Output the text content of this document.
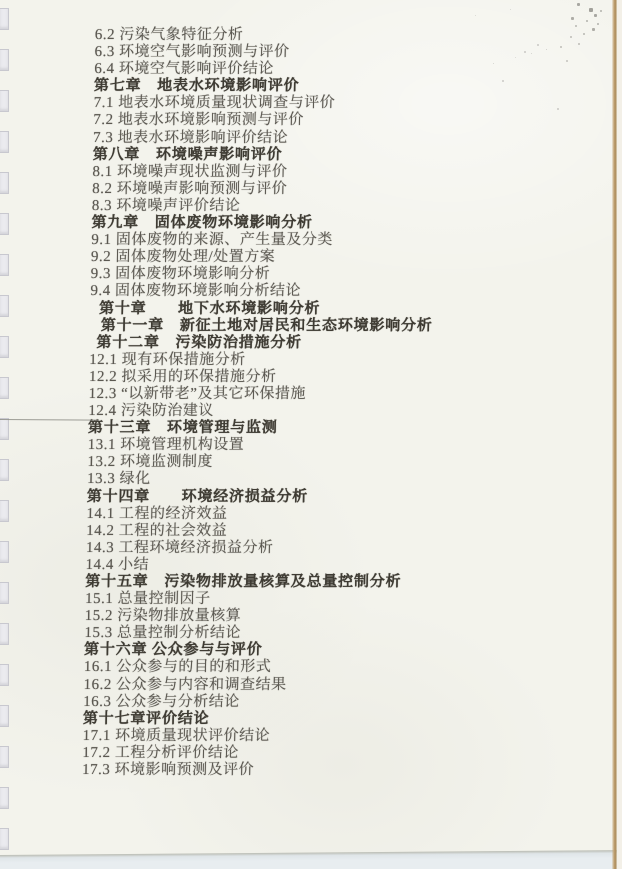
6.2 污染气象特征分析
6.3 环境空气影响预测与评价
6.4 环境空气影响评价结论
第七章　地表水环境影响评价
7.1 地表水环境质量现状调查与评价
7.2 地表水环境影响预测与评价
7.3 地表水环境影响评价结论
第八章　环境噪声影响评价
8.1 环境噪声现状监测与评价
8.2 环境噪声影响预测与评价
8.3 环境噪声评价结论
第九章　固体废物环境影响分析
9.1 固体废物的来源、产生量及分类
9.2 固体废物处理/处置方案
9.3 固体废物环境影响分析
9.4 固体废物环境影响分析结论
第十章　　地下水环境影响分析
第十一章　新征土地对居民和生态环境影响分析
第十二章　污染防治措施分析
12.1 现有环保措施分析
12.2 拟采用的环保措施分析
12.3 “以新带老”及其它环保措施
12.4 污染防治建议
第十三章　环境管理与监测
13.1 环境管理机构设置
13.2 环境监测制度
13.3 绿化
第十四章　　环境经济损益分析
14.1 工程的经济效益
14.2 工程的社会效益
14.3 工程环境经济损益分析
14.4 小结
第十五章　污染物排放量核算及总量控制分析
15.1 总量控制因子
15.2 污染物排放量核算
15.3 总量控制分析结论
第十六章 公众参与与评价
16.1 公众参与的目的和形式
16.2 公众参与内容和调查结果
16.3 公众参与分析结论
第十七章评价结论
17.1 环境质量现状评价结论
17.2 工程分析评价结论
17.3 环境影响预测及评价
